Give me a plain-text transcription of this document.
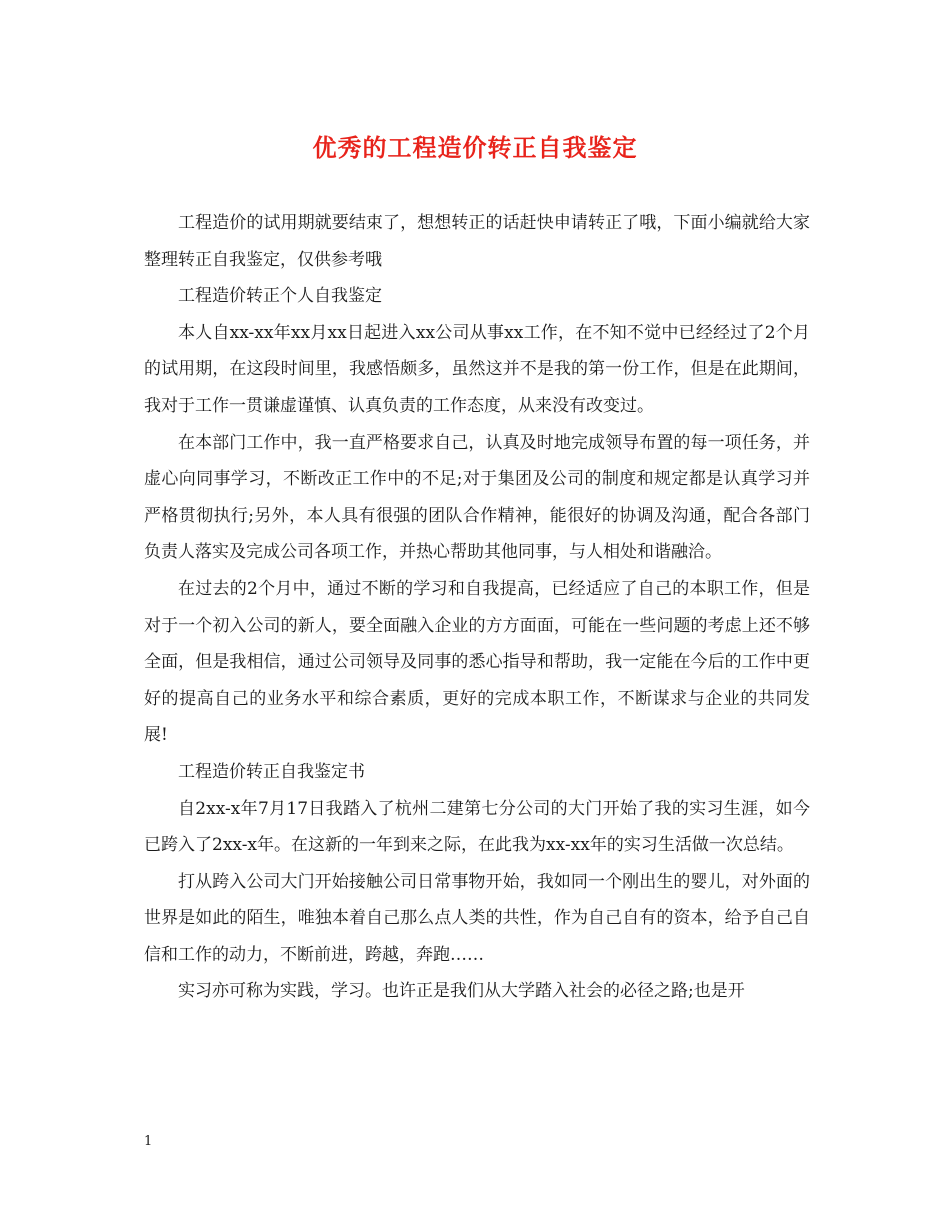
优秀的工程造价转正自我鉴定

工程造价的试用期就要结束了，想想转正的话赶快申请转正了哦，下面小编就给大家整理转正自我鉴定，仅供参考哦

工程造价转正个人自我鉴定

本人自xx-xx年xx月xx日起进入xx公司从事xx工作，在不知不觉中已经经过了2个月的试用期，在这段时间里，我感悟颇多，虽然这并不是我的第一份工作，但是在此期间，我对于工作一贯谦虚谨慎、认真负责的工作态度，从来没有改变过。

在本部门工作中，我一直严格要求自己，认真及时地完成领导布置的每一项任务，并虚心向同事学习，不断改正工作中的不足;对于集团及公司的制度和规定都是认真学习并严格贯彻执行;另外，本人具有很强的团队合作精神，能很好的协调及沟通，配合各部门负责人落实及完成公司各项工作，并热心帮助其他同事，与人相处和谐融洽。

在过去的2个月中，通过不断的学习和自我提高，已经适应了自己的本职工作，但是对于一个初入公司的新人，要全面融入企业的方方面面，可能在一些问题的考虑上还不够全面，但是我相信，通过公司领导及同事的悉心指导和帮助，我一定能在今后的工作中更好的提高自己的业务水平和综合素质，更好的完成本职工作，不断谋求与企业的共同发展!

工程造价转正自我鉴定书

自2xx-x年7月17日我踏入了杭州二建第七分公司的大门开始了我的实习生涯，如今已跨入了2xx-x年。在这新的一年到来之际，在此我为xx-xx年的实习生活做一次总结。

打从跨入公司大门开始接触公司日常事物开始，我如同一个刚出生的婴儿，对外面的世界是如此的陌生，唯独本着自己那么点人类的共性，作为自己自有的资本，给予自己自信和工作的动力，不断前进，跨越，奔跑……

实习亦可称为实践，学习。也许正是我们从大学踏入社会的必径之路;也是开

1
